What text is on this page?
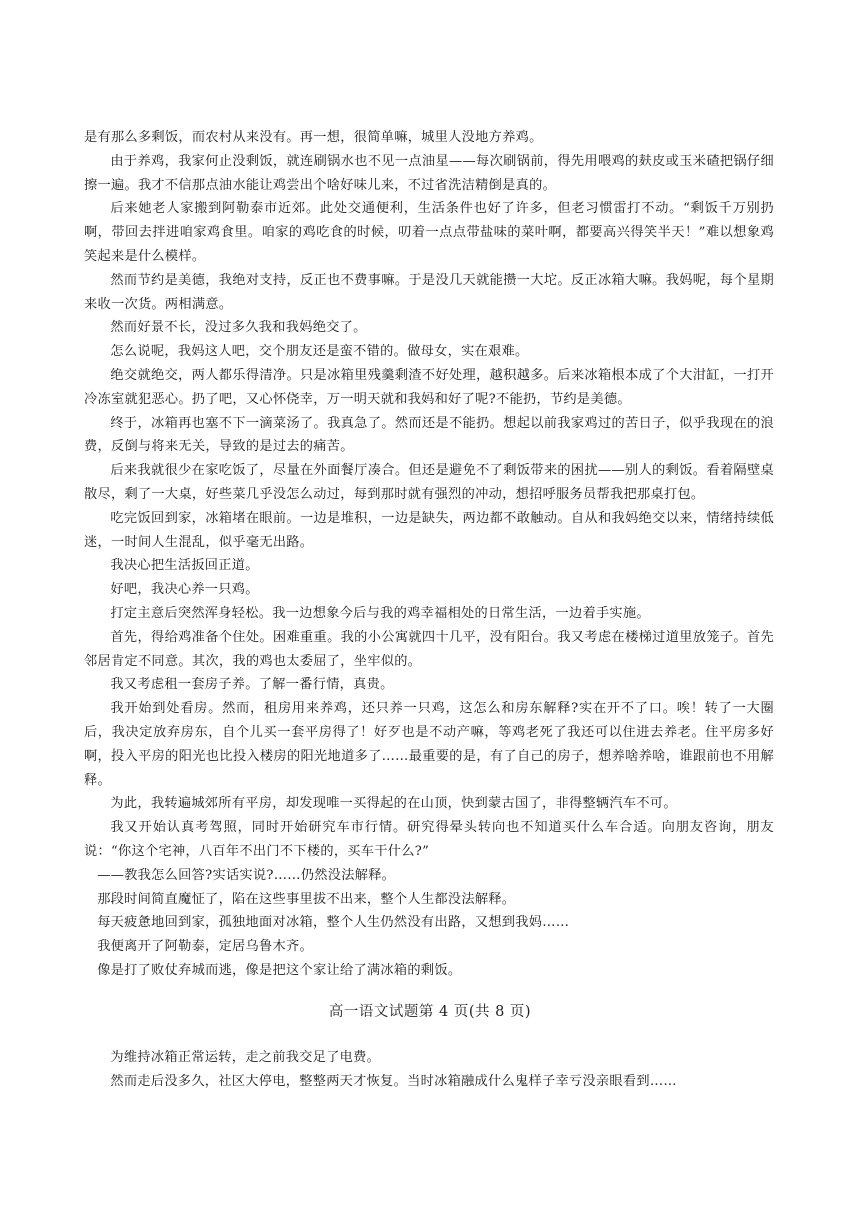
是有那么多剩饭，而农村从来没有。再一想，很简单嘛，城里人没地方养鸡。

由于养鸡，我家何止没剩饭，就连刷锅水也不见一点油星——每次刷锅前，得先用喂鸡的麸皮或玉米碴把锅仔细擦一遍。我才不信那点油水能让鸡尝出个啥好味儿来，不过省洗洁精倒是真的。

后来她老人家搬到阿勒泰市近郊。此处交通便利，生活条件也好了许多，但老习惯雷打不动。“剩饭千万别扔啊，带回去拌进咱家鸡食里。咱家的鸡吃食的时候，叨着一点点带盐味的菜叶啊，都要高兴得笑半天！”难以想象鸡笑起来是什么模样。

然而节约是美德，我绝对支持，反正也不费事嘛。于是没几天就能攒一大坨。反正冰箱大嘛。我妈呢，每个星期来收一次货。两相满意。

然而好景不长，没过多久我和我妈绝交了。

怎么说呢，我妈这人吧，交个朋友还是蛮不错的。做母女，实在艰难。

绝交就绝交，两人都乐得清净。只是冰箱里残羹剩渣不好处理，越积越多。后来冰箱根本成了个大泔缸，一打开冷冻室就犯恶心。扔了吧，又心怀侥幸，万一明天就和我妈和好了呢?不能扔，节约是美德。

终于，冰箱再也塞不下一滴菜汤了。我真急了。然而还是不能扔。想起以前我家鸡过的苦日子，似乎我现在的浪费，反倒与将来无关，导致的是过去的痛苦。

后来我就很少在家吃饭了，尽量在外面餐厅凑合。但还是避免不了剩饭带来的困扰——别人的剩饭。看着隔壁桌散尽，剩了一大桌，好些菜几乎没怎么动过，每到那时就有强烈的冲动，想招呼服务员帮我把那桌打包。

吃完饭回到家，冰箱堵在眼前。一边是堆积，一边是缺失，两边都不敢触动。自从和我妈绝交以来，情绪持续低迷，一时间人生混乱，似乎毫无出路。

我决心把生活扳回正道。

好吧，我决心养一只鸡。

打定主意后突然浑身轻松。我一边想象今后与我的鸡幸福相处的日常生活，一边着手实施。

首先，得给鸡准备个住处。困难重重。我的小公寓就四十几平，没有阳台。我又考虑在楼梯过道里放笼子。首先邻居肯定不同意。其次，我的鸡也太委屈了，坐牢似的。

我又考虑租一套房子养。了解一番行情，真贵。

我开始到处看房。然而，租房用来养鸡，还只养一只鸡，这怎么和房东解释?实在开不了口。唉！转了一大圈后，我决定放弃房东，自个儿买一套平房得了！好歹也是不动产嘛，等鸡老死了我还可以住进去养老。住平房多好啊，投入平房的阳光也比投入楼房的阳光地道多了……最重要的是，有了自己的房子，想养啥养啥，谁跟前也不用解释。

为此，我转遍城郊所有平房，却发现唯一买得起的在山顶，快到蒙古国了，非得整辆汽车不可。

我又开始认真考驾照，同时开始研究车市行情。研究得晕头转向也不知道买什么车合适。向朋友咨询，朋友说：“你这个宅神，八百年不出门不下楼的，买车干什么?”

——教我怎么回答?实话实说?……仍然没法解释。

那段时间简直魔怔了，陷在这些事里拔不出来，整个人生都没法解释。

每天疲惫地回到家，孤独地面对冰箱，整个人生仍然没有出路，又想到我妈……

我便离开了阿勒泰，定居乌鲁木齐。

像是打了败仗弃城而逃，像是把这个家让给了满冰箱的剩饭。

高一语文试题第 4 页(共 8 页)

为维持冰箱正常运转，走之前我交足了电费。

然而走后没多久，社区大停电，整整两天才恢复。当时冰箱融成什么鬼样子幸亏没亲眼看到……
